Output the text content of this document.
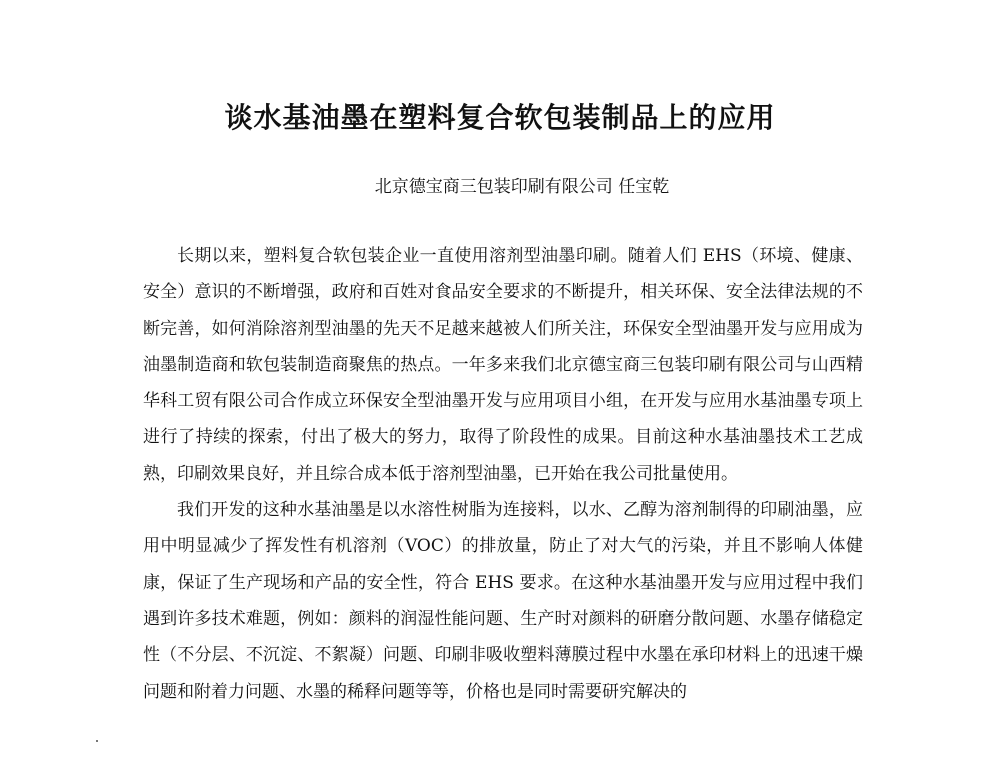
谈水基油墨在塑料复合软包装制品上的应用
北京德宝商三包装印刷有限公司 任宝乾

长期以来，塑料复合软包装企业一直使用溶剂型油墨印刷。随着人们 EHS（环境、健康、安全）意识的不断增强，政府和百姓对食品安全要求的不断提升，相关环保、安全法律法规的不断完善，如何消除溶剂型油墨的先天不足越来越被人们所关注，环保安全型油墨开发与应用成为油墨制造商和软包装制造商聚焦的热点。一年多来我们北京德宝商三包装印刷有限公司与山西精华科工贸有限公司合作成立环保安全型油墨开发与应用项目小组，在开发与应用水基油墨专项上进行了持续的探索，付出了极大的努力，取得了阶段性的成果。目前这种水基油墨技术工艺成熟，印刷效果良好，并且综合成本低于溶剂型油墨，已开始在我公司批量使用。

我们开发的这种水基油墨是以水溶性树脂为连接料，以水、乙醇为溶剂制得的印刷油墨，应用中明显减少了挥发性有机溶剂（VOC）的排放量，防止了对大气的污染，并且不影响人体健康，保证了生产现场和产品的安全性，符合 EHS 要求。在这种水基油墨开发与应用过程中我们遇到许多技术难题，例如：颜料的润湿性能问题、生产时对颜料的研磨分散问题、水墨存储稳定性（不分层、不沉淀、不絮凝）问题、印刷非吸收塑料薄膜过程中水墨在承印材料上的迅速干燥问题和附着力问题、水墨的稀释问题等等，价格也是同时需要研究解决的
